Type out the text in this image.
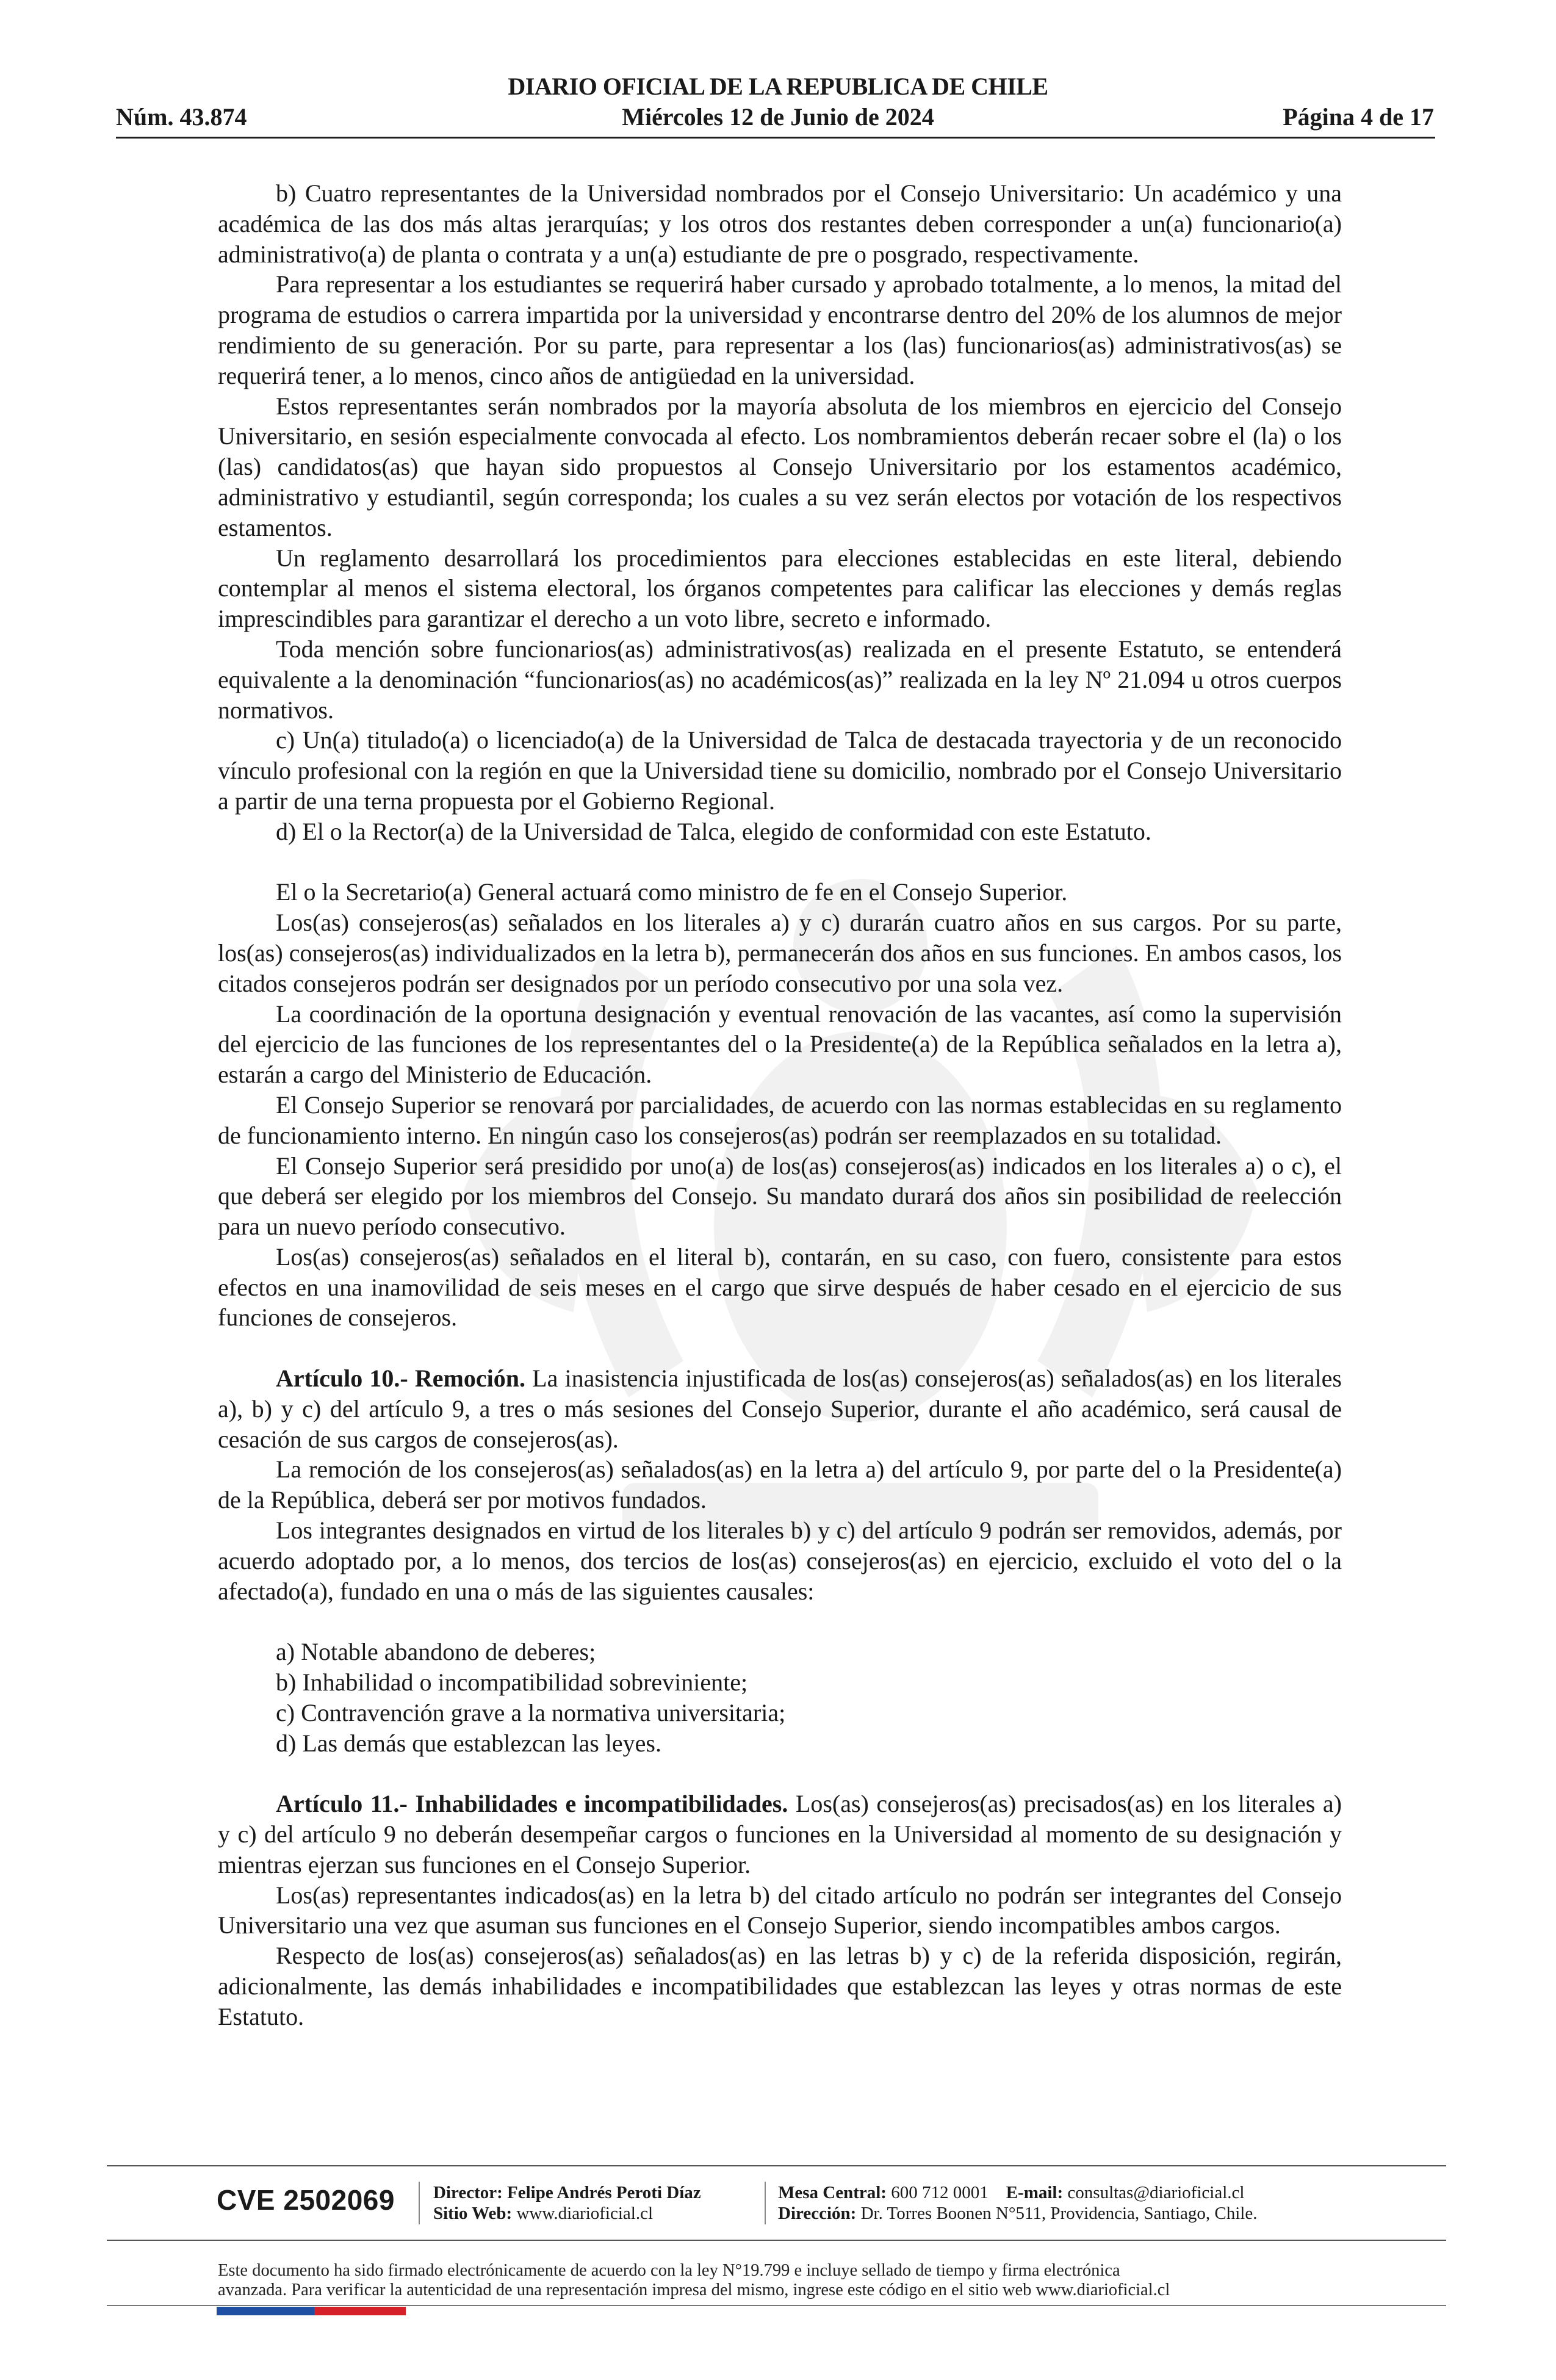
DIARIO OFICIAL DE LA REPUBLICA DE CHILE
Núm. 43.874	Miércoles 12 de Junio de 2024	Página 4 de 17

b) Cuatro representantes de la Universidad nombrados por el Consejo Universitario: Un académico y una académica de las dos más altas jerarquías; y los otros dos restantes deben corresponder a un(a) funcionario(a) administrativo(a) de planta o contrata y a un(a) estudiante de pre o posgrado, respectivamente.

Para representar a los estudiantes se requerirá haber cursado y aprobado totalmente, a lo menos, la mitad del programa de estudios o carrera impartida por la universidad y encontrarse dentro del 20% de los alumnos de mejor rendimiento de su generación. Por su parte, para representar a los (las) funcionarios(as) administrativos(as) se requerirá tener, a lo menos, cinco años de antigüedad en la universidad.

Estos representantes serán nombrados por la mayoría absoluta de los miembros en ejercicio del Consejo Universitario, en sesión especialmente convocada al efecto. Los nombramientos deberán recaer sobre el (la) o los (las) candidatos(as) que hayan sido propuestos al Consejo Universitario por los estamentos académico, administrativo y estudiantil, según corresponda; los cuales a su vez serán electos por votación de los respectivos estamentos.

Un reglamento desarrollará los procedimientos para elecciones establecidas en este literal, debiendo contemplar al menos el sistema electoral, los órganos competentes para calificar las elecciones y demás reglas imprescindibles para garantizar el derecho a un voto libre, secreto e informado.

Toda mención sobre funcionarios(as) administrativos(as) realizada en el presente Estatuto, se entenderá equivalente a la denominación “funcionarios(as) no académicos(as)” realizada en la ley Nº 21.094 u otros cuerpos normativos.

c) Un(a) titulado(a) o licenciado(a) de la Universidad de Talca de destacada trayectoria y de un reconocido vínculo profesional con la región en que la Universidad tiene su domicilio, nombrado por el Consejo Universitario a partir de una terna propuesta por el Gobierno Regional.

d) El o la Rector(a) de la Universidad de Talca, elegido de conformidad con este Estatuto.

El o la Secretario(a) General actuará como ministro de fe en el Consejo Superior.

Los(as) consejeros(as) señalados en los literales a) y c) durarán cuatro años en sus cargos. Por su parte, los(as) consejeros(as) individualizados en la letra b), permanecerán dos años en sus funciones. En ambos casos, los citados consejeros podrán ser designados por un período consecutivo por una sola vez.

La coordinación de la oportuna designación y eventual renovación de las vacantes, así como la supervisión del ejercicio de las funciones de los representantes del o la Presidente(a) de la República señalados en la letra a), estarán a cargo del Ministerio de Educación.

El Consejo Superior se renovará por parcialidades, de acuerdo con las normas establecidas en su reglamento de funcionamiento interno. En ningún caso los consejeros(as) podrán ser reemplazados en su totalidad.

El Consejo Superior será presidido por uno(a) de los(as) consejeros(as) indicados en los literales a) o c), el que deberá ser elegido por los miembros del Consejo. Su mandato durará dos años sin posibilidad de reelección para un nuevo período consecutivo.

Los(as) consejeros(as) señalados en el literal b), contarán, en su caso, con fuero, consistente para estos efectos en una inamovilidad de seis meses en el cargo que sirve después de haber cesado en el ejercicio de sus funciones de consejeros.

Artículo 10.- Remoción. La inasistencia injustificada de los(as) consejeros(as) señalados(as) en los literales a), b) y c) del artículo 9, a tres o más sesiones del Consejo Superior, durante el año académico, será causal de cesación de sus cargos de consejeros(as).

La remoción de los consejeros(as) señalados(as) en la letra a) del artículo 9, por parte del o la Presidente(a) de la República, deberá ser por motivos fundados.

Los integrantes designados en virtud de los literales b) y c) del artículo 9 podrán ser removidos, además, por acuerdo adoptado por, a lo menos, dos tercios de los(as) consejeros(as) en ejercicio, excluido el voto del o la afectado(a), fundado en una o más de las siguientes causales:

a) Notable abandono de deberes;

b) Inhabilidad o incompatibilidad sobreviniente;

c) Contravención grave a la normativa universitaria;

d) Las demás que establezcan las leyes.

Artículo 11.- Inhabilidades e incompatibilidades. Los(as) consejeros(as) precisados(as) en los literales a) y c) del artículo 9 no deberán desempeñar cargos o funciones en la Universidad al momento de su designación y mientras ejerzan sus funciones en el Consejo Superior.

Los(as) representantes indicados(as) en la letra b) del citado artículo no podrán ser integrantes del Consejo Universitario una vez que asuman sus funciones en el Consejo Superior, siendo incompatibles ambos cargos.

Respecto de los(as) consejeros(as) señalados(as) en las letras b) y c) de la referida disposición, regirán, adicionalmente, las demás inhabilidades e incompatibilidades que establezcan las leyes y otras normas de este Estatuto.

CVE 2502069 Director: Felipe Andrés Peroti Díaz
Sitio Web: www.diarioficial.cl
Mesa Central: 600 712 0001 E-mail: consultas@diarioficial.cl
Dirección: Dr. Torres Boonen N°511, Providencia, Santiago, Chile.
Este documento ha sido firmado electrónicamente de acuerdo con la ley N°19.799 e incluye sellado de tiempo y firma electrónica
avanzada. Para verificar la autenticidad de una representación impresa del mismo, ingrese este código en el sitio web www.diarioficial.cl
